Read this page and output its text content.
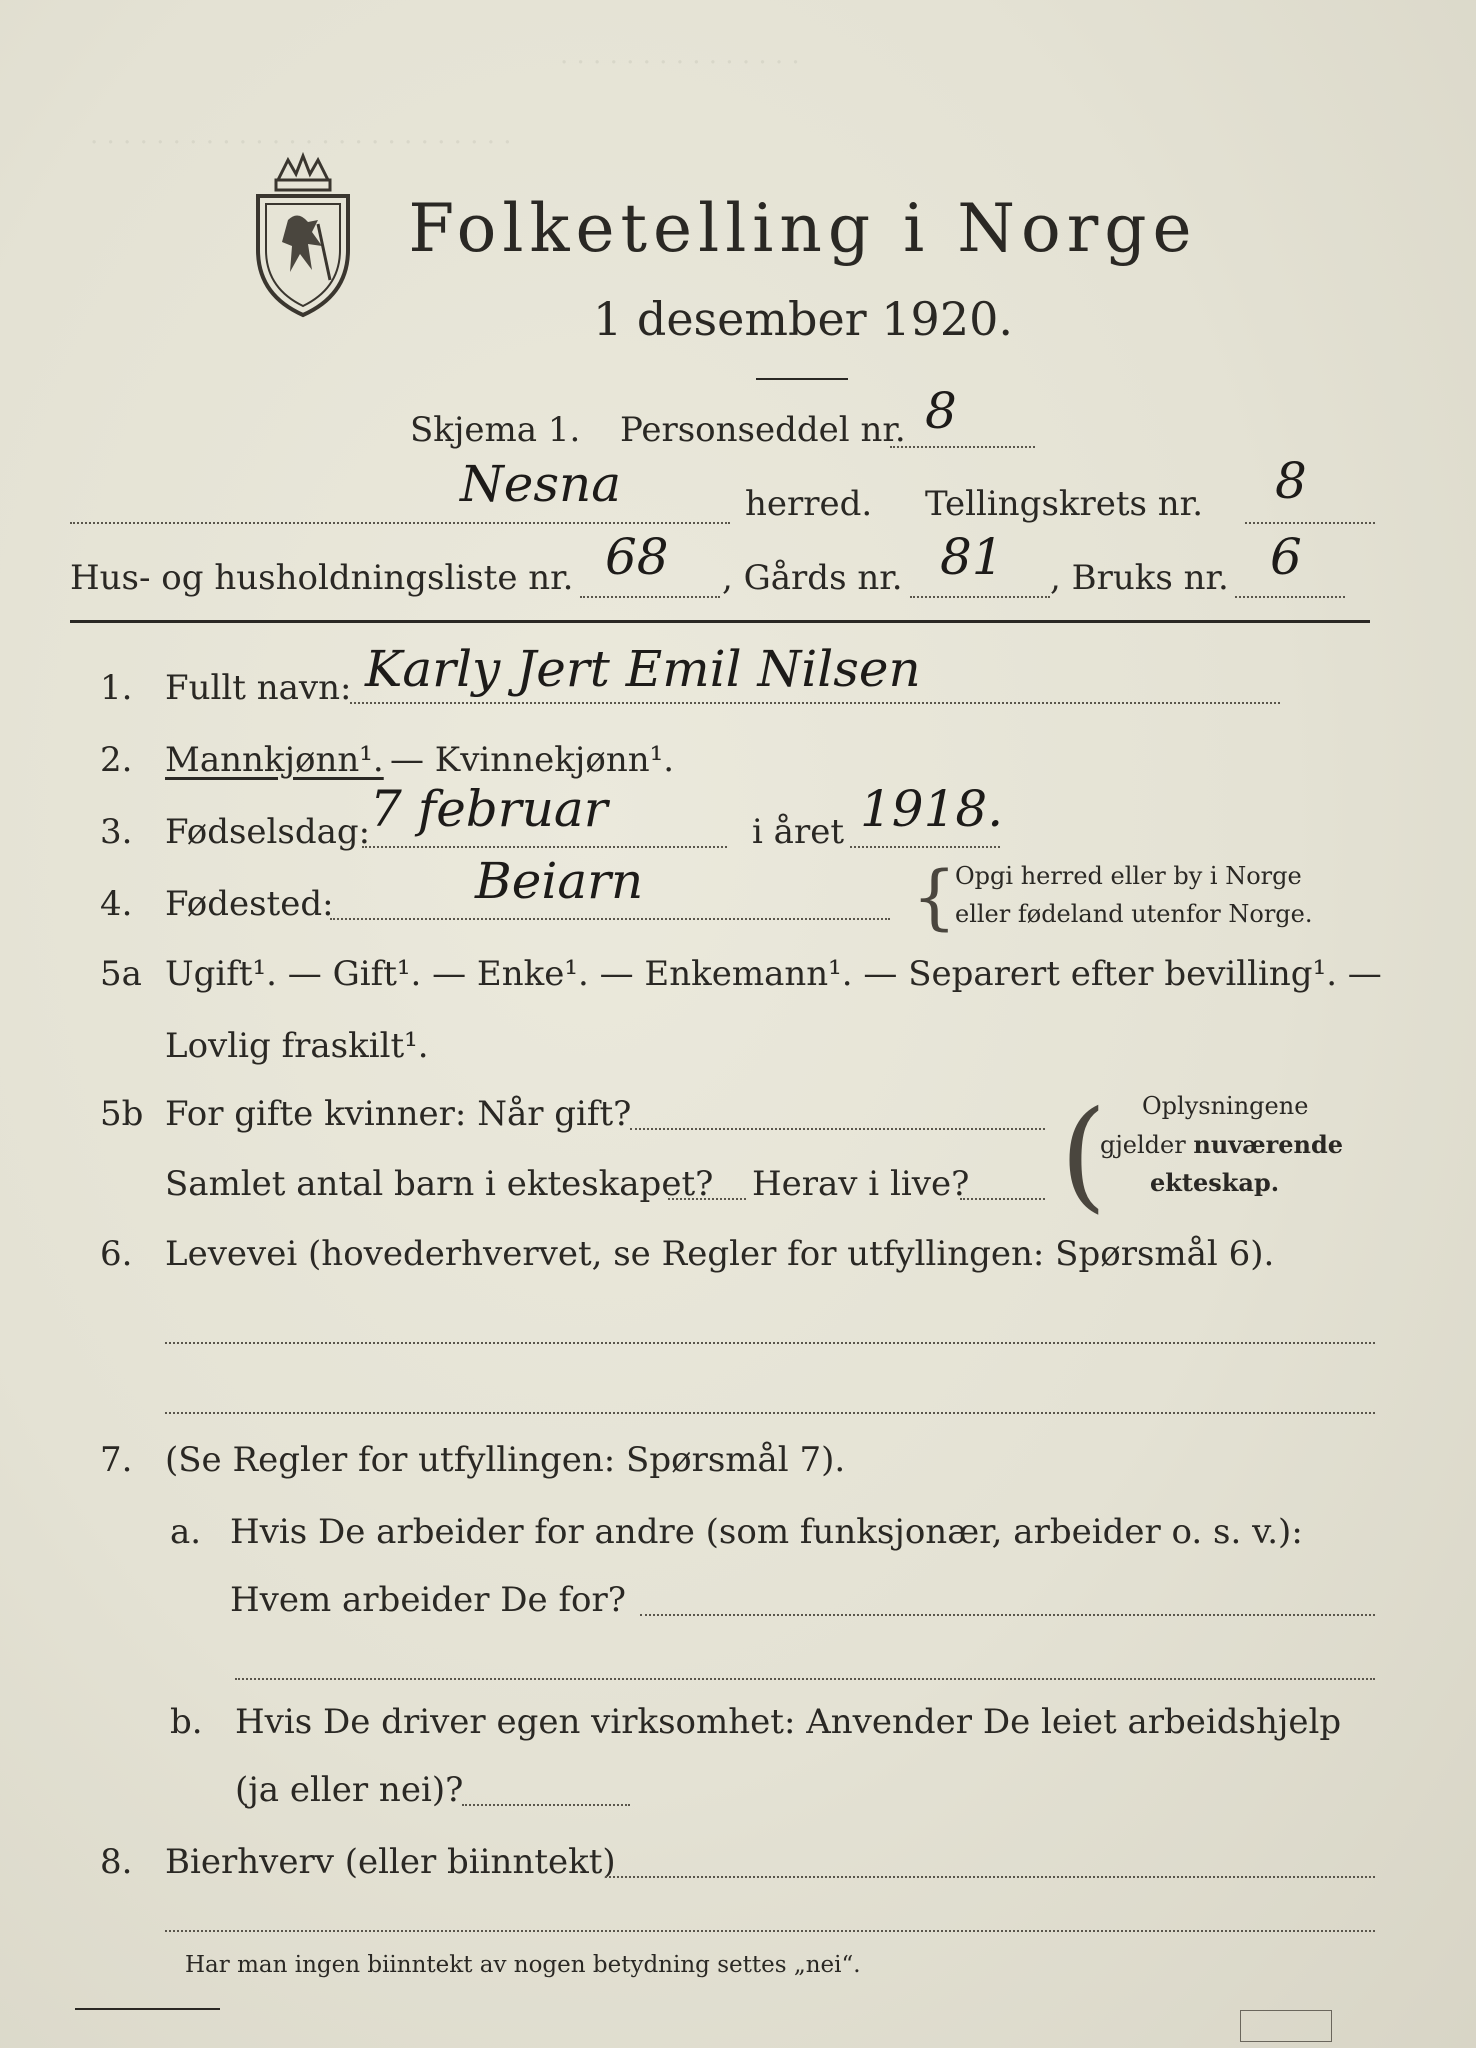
. . . . . . . . . . . . . . .
. . . . . . . . . . . . . . . . . . . . . . . . . .
Folketelling i Norge
1 desember 1920.
Skjema 1. Personseddel nr. 8
Nesna	herred. Tellingskrets nr. 8
Hus- og husholdningsliste nr. 68 , Gårds nr. 81 , Bruks nr. 6
1. Fullt navn: Karly Jert Emil Nilsen
2. Mannkjønn¹. — Kvinnekjønn¹.
3. Fødselsdag: 7 februar	i året 1918.
4. Fødested:	Beiarn	{
Opgi herred eller by i Norge
eller fødeland utenfor Norge.
5a Ugift¹. — Gift¹. — Enke¹. — Enkemann¹. — Separert efter bevilling¹. —
Lovlig fraskilt¹.
5b For gifte kvinner: Når gift?
Samlet antal barn i ekteskapet? Herav i live? ( Oplysningene
gjelder nuværende
ekteskap.
6. Levevei (hovederhvervet, se Regler for utfyllingen: Spørsmål 6).
7. (Se Regler for utfyllingen: Spørsmål 7).
a. Hvis De arbeider for andre (som funksjonær, arbeider o. s. v.):
Hvem arbeider De for?
b. Hvis De driver egen virksomhet: Anvender De leiet arbeidshjelp
(ja eller nei)?
8. Bierhverv (eller biinntekt)
Har man ingen biinntekt av nogen betydning settes „nei“.
